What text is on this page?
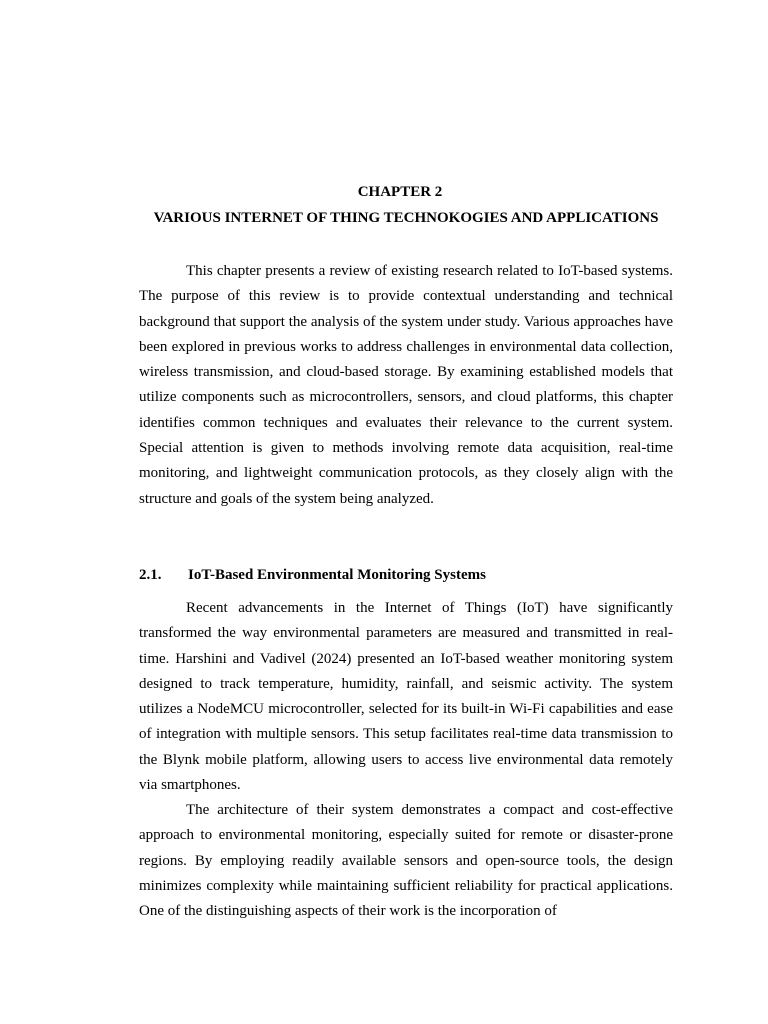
CHAPTER 2
VARIOUS INTERNET OF THING TECHNOKOGIES AND APPLICATIONS

This chapter presents a review of existing research related to IoT-based systems. The purpose of this review is to provide contextual understanding and technical background that support the analysis of the system under study. Various approaches have been explored in previous works to address challenges in environmental data collection, wireless transmission, and cloud-based storage. By examining established models that utilize components such as microcontrollers, sensors, and cloud platforms, this chapter identifies common techniques and evaluates their relevance to the current system. Special attention is given to methods involving remote data acquisition, real-time monitoring, and lightweight communication protocols, as they closely align with the structure and goals of the system being analyzed.

2.1. IoT-Based Environmental Monitoring Systems

Recent advancements in the Internet of Things (IoT) have significantly transformed the way environmental parameters are measured and transmitted in real-time. Harshini and Vadivel (2024) presented an IoT-based weather monitoring system designed to track temperature, humidity, rainfall, and seismic activity. The system utilizes a NodeMCU microcontroller, selected for its built-in Wi-Fi capabilities and ease of integration with multiple sensors. This setup facilitates real-time data transmission to the Blynk mobile platform, allowing users to access live environmental data remotely via smartphones.

The architecture of their system demonstrates a compact and cost-effective approach to environmental monitoring, especially suited for remote or disaster-prone regions. By employing readily available sensors and open-source tools, the design minimizes complexity while maintaining sufficient reliability for practical applications. One of the distinguishing aspects of their work is the incorporation of
